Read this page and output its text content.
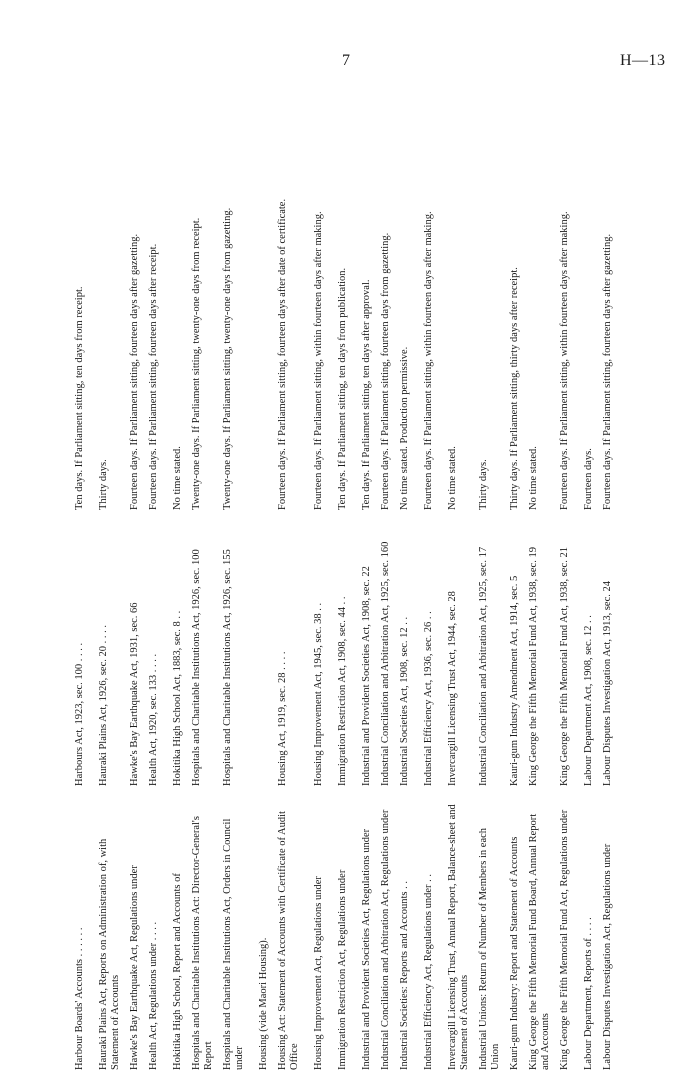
7	H—13
Harbour Boards' Accounts . . . . . .
Harbours Act, 1923, sec. 100 . . . .
Ten days. If Parliament sitting, ten days from receipt.
Hauraki Plains Act, Reports on Administration of, with Statement of Accounts
Hauraki Plains Act, 1926, sec. 20 . . . .
Thirty days.
Hawke's Bay Earthquake Act, Regulations under
Hawke's Bay Earthquake Act, 1931, sec. 66
Fourteen days. If Parliament sitting, fourteen days after gazetting.
Health Act, Regulations under . . . .
Health Act, 1920, sec. 133 . . . .
Fourteen days. If Parliament sitting, fourteen days after receipt.
Hokitika High School, Report and Accounts of
Hokitika High School Act, 1883, sec. 8 . .
No time stated.
Hospitals and Charitable Institutions Act: Director-General's Report
Hospitals and Charitable Institutions Act, 1926, sec. 100
Twenty-one days. If Parliament sitting, twenty-one days from receipt.
Hospitals and Charitable Institutions Act, Orders in Council under
Hospitals and Charitable Institutions Act, 1926, sec. 155
Twenty-one days. If Parliament sitting, twenty-one days from gazetting.
Housing (vide Maori Housing). Housing Act: Statement of Accounts with Certificate of Audit Office
Housing Act, 1919, sec. 28 . . . .
Fourteen days. If Parliament sitting, fourteen days after date of certificate.
Housing Improvement Act, Regulations under
Housing Improvement Act, 1945, sec. 38 . .
Fourteen days. If Parliament sitting, within fourteen days after making.
Immigration Restriction Act, Regulations under
Immigration Restriction Act, 1908, sec. 44 . .
Ten days. If Parliament sitting, ten days from publication.
Industrial and Provident Societies Act, Regulations under
Industrial and Provident Societies Act, 1908, sec. 22
Ten days. If Parliament sitting, ten days after approval.
Industrial Conciliation and Arbitration Act, Regulations under
Industrial Conciliation and Arbitration Act, 1925, sec. 160
Fourteen days. If Parliament sitting, fourteen days from gazetting.
Industrial Societies: Reports and Accounts . .
Industrial Societies Act, 1908, sec. 12 . .
No time stated. Production permissive.
Industrial Efficiency Act, Regulations under . .
Industrial Efficiency Act, 1936, sec. 26 . .
Fourteen days. If Parliament sitting, within fourteen days after making.
Invercargill Licensing Trust, Annual Report, Balance-sheet and Statement of Accounts
Invercargill Licensing Trust Act, 1944, sec. 28
No time stated.
Industrial Unions: Return of Number of Members in each Union
Industrial Conciliation and Arbitration Act, 1925, sec. 17
Thirty days.
Kauri-gum Industry: Report and Statement of Accounts
Kauri-gum Industry Amendment Act, 1914, sec. 5
Thirty days. If Parliament sitting, thirty days after receipt.
King George the Fifth Memorial Fund Board, Annual Report and Accounts
King George the Fifth Memorial Fund Act, 1938, sec. 19
No time stated.
King George the Fifth Memorial Fund Act, Regulations under
King George the Fifth Memorial Fund Act, 1938, sec. 21
Fourteen days. If Parliament sitting, within fourteen days after making.
Labour Department, Reports of . . . .
Labour Department Act, 1908, sec. 12 . .
Fourteen days.
Labour Disputes Investigation Act, Regulations under
Labour Disputes Investigation Act, 1913, sec. 24
Fourteen days. If Parliament sitting, fourteen days after gazetting.
